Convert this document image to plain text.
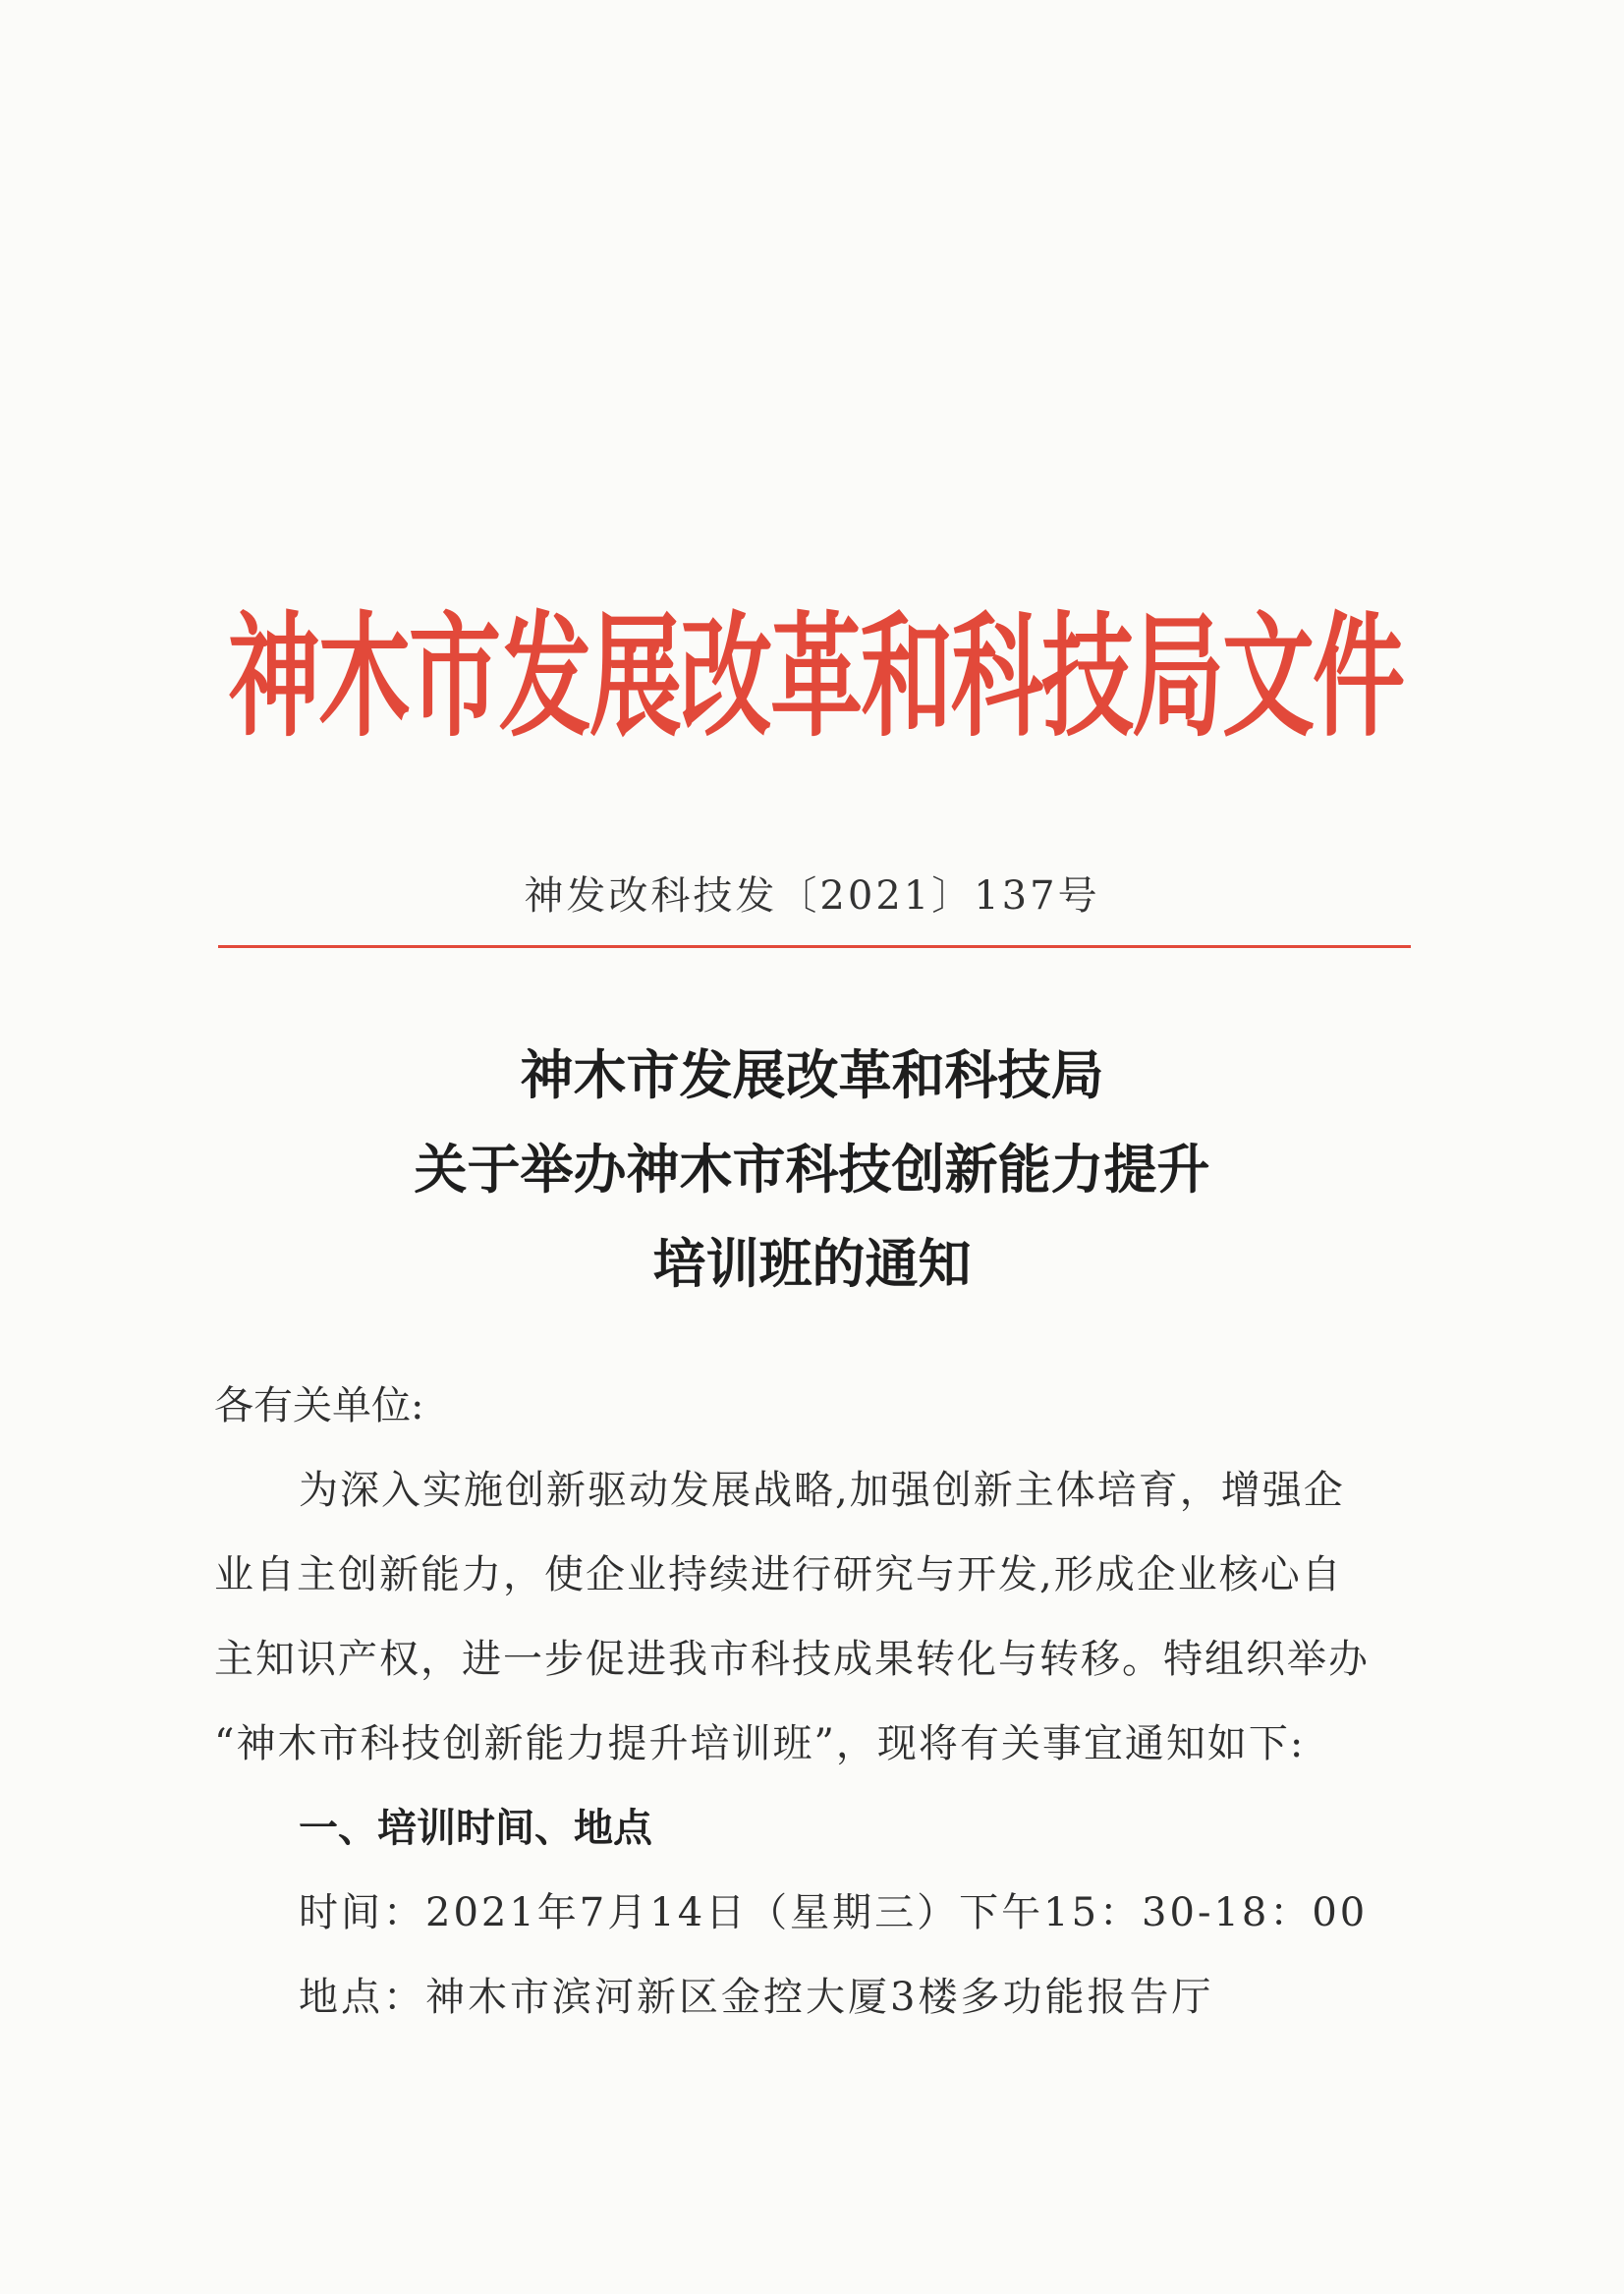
神木市发展改革和科技局文件
神发改科技发〔2021〕137号
神木市发展改革和科技局
关于举办神木市科技创新能力提升
培训班的通知
各有关单位:
为深入实施创新驱动发展战略,加强创新主体培育，增强企
业自主创新能力，使企业持续进行研究与开发,形成企业核心自
主知识产权，进一步促进我市科技成果转化与转移。特组织举办
“神木市科技创新能力提升培训班”，现将有关事宜通知如下:
一、培训时间、地点
时间：2021年7月14日（星期三）下午15：30-18：00
地点：神木市滨河新区金控大厦3楼多功能报告厅
